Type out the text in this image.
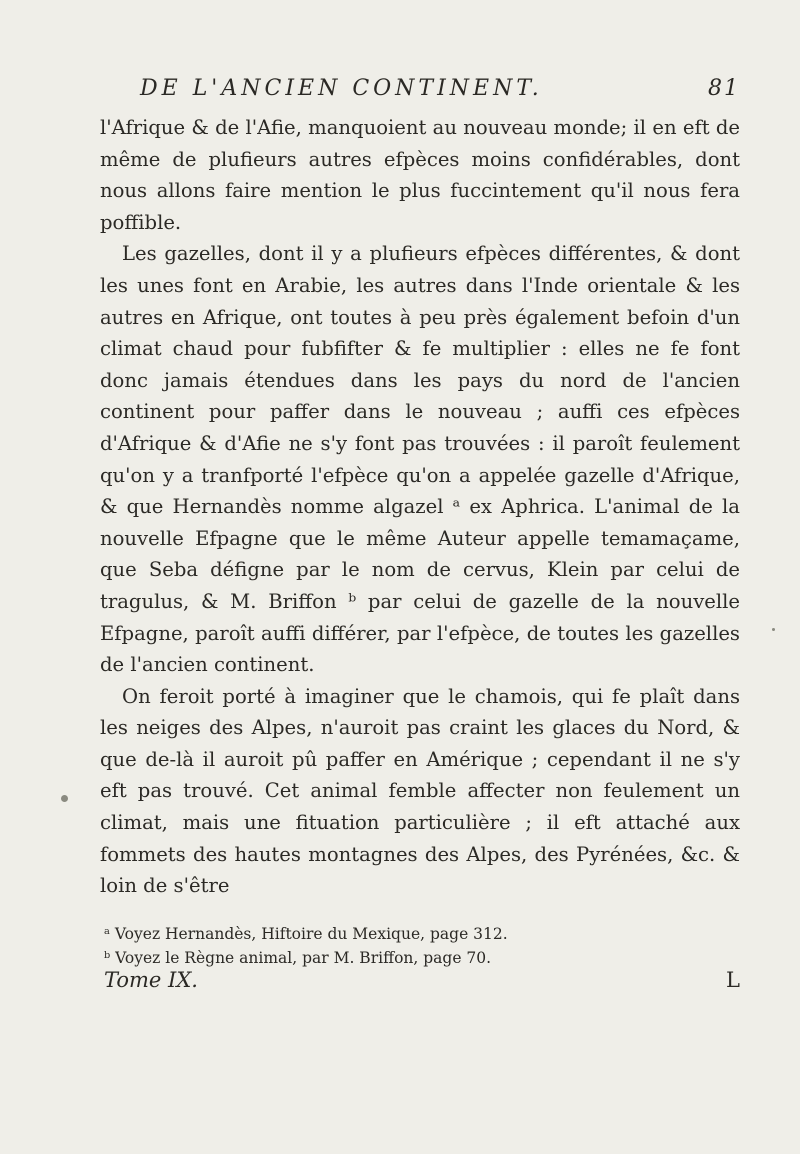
DE L'ANCIEN CONTINENT.	81

l'Afrique & de l'Afie, manquoient au nouveau monde; il en eft de même de plufieurs autres efpèces moins confidérables, dont nous allons faire mention le plus fuccintement qu'il nous fera poffible.

Les gazelles, dont il y a plufieurs efpèces différentes, & dont les unes font en Arabie, les autres dans l'Inde orientale & les autres en Afrique, ont toutes à peu près également befoin d'un climat chaud pour fubfifter & fe multiplier : elles ne fe font donc jamais étendues dans les pays du nord de l'ancien continent pour paffer dans le nouveau ; auffi ces efpèces d'Afrique & d'Afie ne s'y font pas trouvées : il paroît feulement qu'on y a tranfporté l'efpèce qu'on a appelée gazelle d'Afrique, & que Hernandès nomme algazel ᵃ ex Aphrica. L'animal de la nouvelle Efpagne que le même Auteur appelle temamaçame, que Seba défigne par le nom de cervus, Klein par celui de tragulus, & M. Briffon ᵇ par celui de gazelle de la nouvelle Efpagne, paroît auffi différer, par l'efpèce, de toutes les gazelles de l'ancien continent.

On feroit porté à imaginer que le chamois, qui fe plaît dans les neiges des Alpes, n'auroit pas craint les glaces du Nord, & que de-là il auroit pû paffer en Amérique ; cependant il ne s'y eft pas trouvé. Cet animal femble affecter non feulement un climat, mais une fituation particulière ; il eft attaché aux fommets des hautes montagnes des Alpes, des Pyrénées, &c. & loin de s'être

ᵃ Voyez Hernandès, Hiftoire du Mexique, page 312.
ᵇ Voyez le Règne animal, par M. Briffon, page 70.
Tome IX.	L
